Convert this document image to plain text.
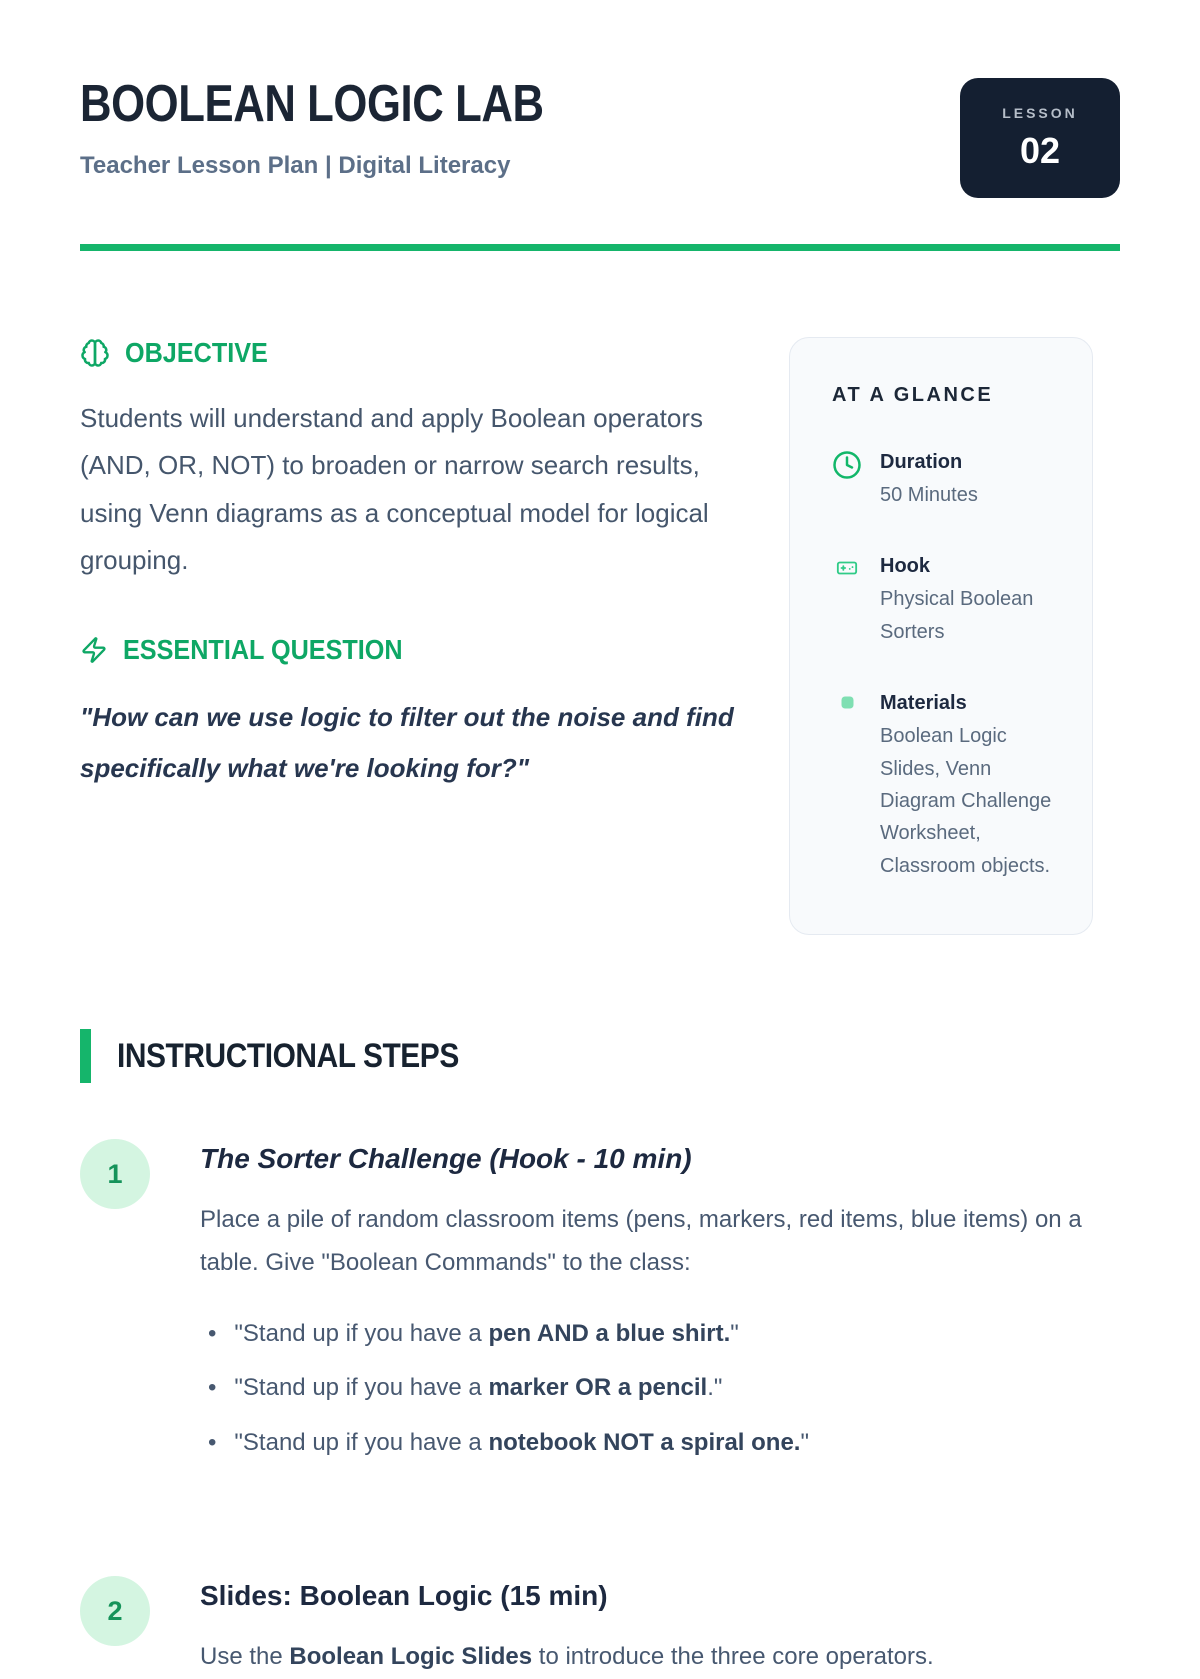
BOOLEAN LOGIC LAB
Teacher Lesson Plan | Digital Literacy
LESSON
02
OBJECTIVE

Students will understand and apply Boolean operators (AND, OR, NOT) to broaden or narrow search results, using Venn diagrams as a conceptual model for logical grouping.

ESSENTIAL QUESTION

"How can we use logic to filter out the noise and find specifically what we're looking for?"

AT A GLANCE
Duration
50 Minutes
Hook
Physical Boolean Sorters
Materials
Boolean Logic Slides, Venn Diagram Challenge Worksheet, Classroom objects.
INSTRUCTIONAL STEPS
1	The Sorter Challenge (Hook - 10 min)

Place a pile of random classroom items (pens, markers, red items, blue items) on a table. Give "Boolean Commands" to the class:

• "Stand up if you have a pen AND a blue shirt."
• "Stand up if you have a marker OR a pencil."
• "Stand up if you have a notebook NOT a spiral one."
2	Slides: Boolean Logic (15 min)

Use the Boolean Logic Slides to introduce the three core operators.
